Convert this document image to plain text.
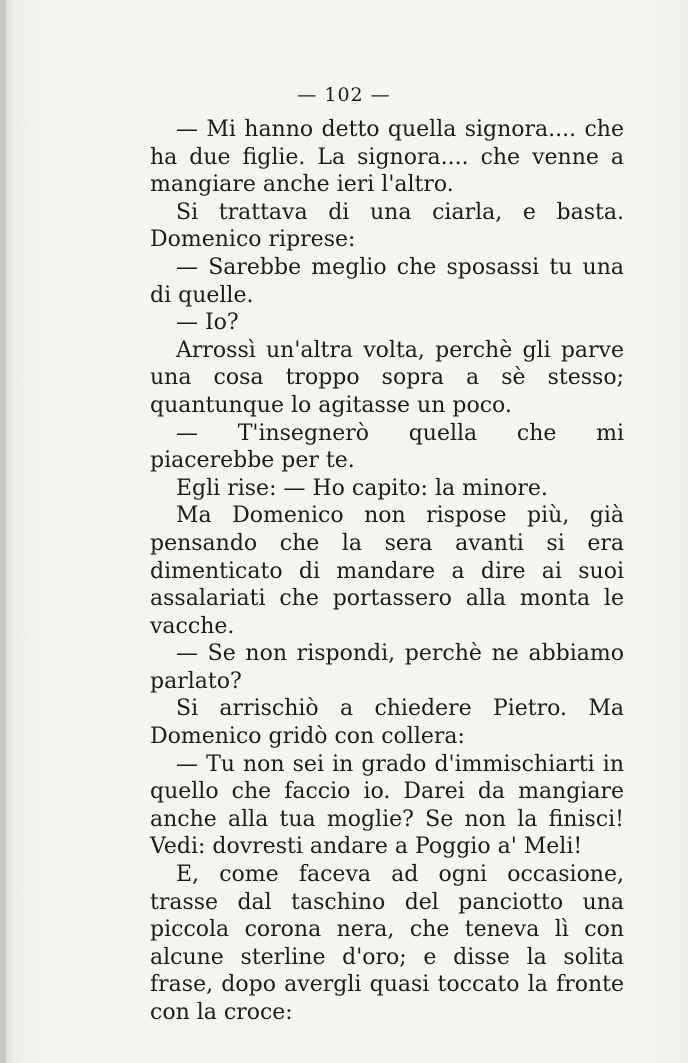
— 102 —

— Mi hanno detto quella signora.... che ha due figlie. La signora.... che venne a mangiare anche ieri l'altro.

Si trattava di una ciarla, e basta. Domenico riprese:

— Sarebbe meglio che sposassi tu una di quelle.

— Io?

Arrossì un'altra volta, perchè gli parve una cosa troppo sopra a sè stesso; quantunque lo agitasse un poco.

— T'insegnerò quella che mi piacerebbe per te.

Egli rise: — Ho capito: la minore.

Ma Domenico non rispose più, già pensando che la sera avanti si era dimenticato di mandare a dire ai suoi assalariati che portassero alla monta le vacche.

— Se non rispondi, perchè ne abbiamo parlato?

Si arrischiò a chiedere Pietro. Ma Domenico gridò con collera:

— Tu non sei in grado d'immischiarti in quello che faccio io. Darei da mangiare anche alla tua moglie? Se non la finisci! Vedi: dovresti andare a Poggio a' Meli!

E, come faceva ad ogni occasione, trasse dal taschino del panciotto una piccola corona nera, che teneva lì con alcune sterline d'oro; e disse la solita frase, dopo avergli quasi toccato la fronte con la croce:
